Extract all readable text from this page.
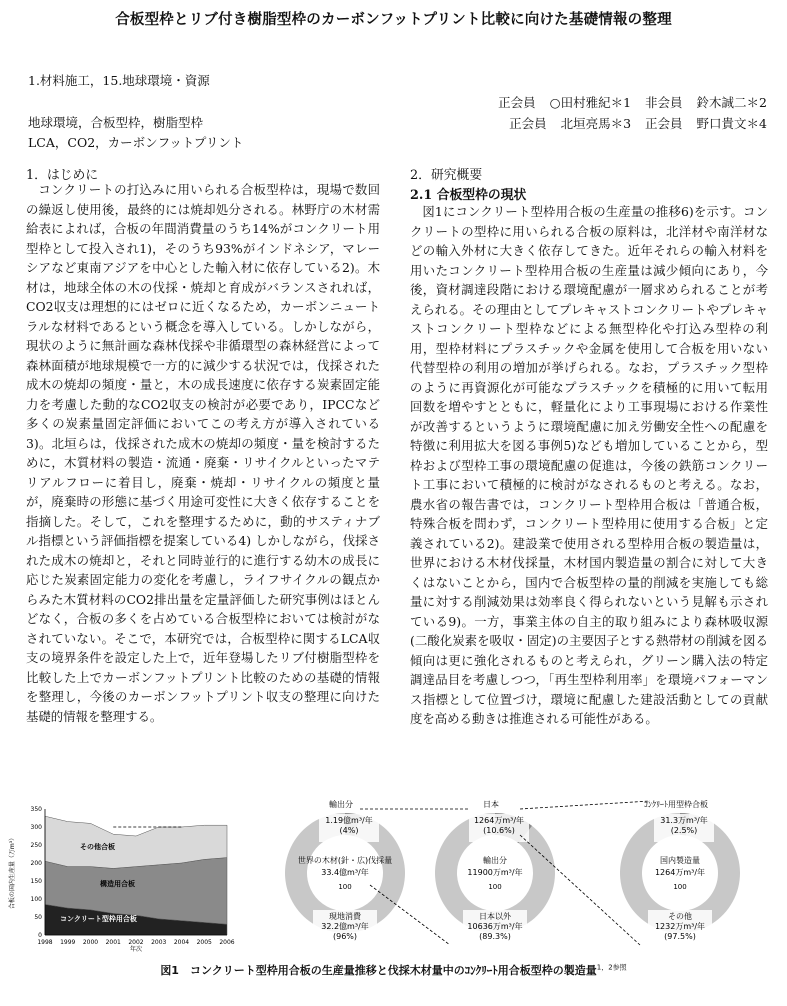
合板型枠とリブ付き樹脂型枠のカーボンフットプリント比較に向けた基礎情報の整理
1.材料施工，15.地球環境・資源
地球環境，合板型枠，樹脂型枠
LCA，CO2，カーボンフットプリント
正会員 ○田村雅紀＊1 非会員 鈴木誠二＊2
正会員 北垣亮馬＊3 正会員 野口貴文＊4
1．はじめに

コンクリートの打込みに用いられる合板型枠は，現場で数回の繰返し使用後，最終的には焼却処分される。林野庁の木材需給表によれば，合板の年間消費量のうち14%がコンクリート用型枠として投入され1)，そのうち93%がインドネシア，マレーシアなど東南アジアを中心とした輸入材に依存している2)。木材は，地球全体の木の伐採・焼却と育成がバランスされれば，CO2収支は理想的にはゼロに近くなるため，カーボンニュートラルな材料であるという概念を導入している。しかしながら，現状のように無計画な森林伐採や非循環型の森林経営によって森林面積が地球規模で一方的に減少する状況では，伐採された成木の焼却の頻度・量と，木の成長速度に依存する炭素固定能力を考慮した動的なCO2収支の検討が必要であり，IPCCなど多くの炭素量固定評価においてこの考え方が導入されている3)。北垣らは，伐採された成木の焼却の頻度・量を検討するために，木質材料の製造・流通・廃棄・リサイクルといったマテリアルフローに着目し，廃棄・焼却・リサイクルの頻度と量が，廃棄時の形態に基づく用途可変性に大きく依存することを指摘した。そして，これを整理するために，動的サスティナブル指標という評価指標を提案している4) しかしながら，伐採された成木の焼却と，それと同時並行的に進行する幼木の成長に応じた炭素固定能力の変化を考慮し，ライフサイクルの観点からみた木質材料のCO2排出量を定量評価した研究事例はほとんどなく，合板の多くを占めている合板型枠においては検討がなされていない。そこで，本研究では，合板型枠に関するLCA収支の境界条件を設定した上で，近年登場したリブ付樹脂型枠を比較した上でカーボンフットプリント比較のための基礎的情報を整理し，今後のカーボンフットプリント収支の整理に向けた基礎的情報を整理する。

2．研究概要
2.1 合板型枠の現状

図1にコンクリート型枠用合板の生産量の推移6)を示す。コンクリートの型枠に用いられる合板の原料は，北洋材や南洋材などの輸入外材に大きく依存してきた。近年それらの輸入材料を用いたコンクリート型枠用合板の生産量は減少傾向にあり，今後，資材調達段階における環境配慮が一層求められることが考えられる。その理由としてプレキャストコンクリートやプレキャストコンクリート型枠などによる無型枠化や打込み型枠の利用，型枠材料にプラスチックや金属を使用して合板を用いない代替型枠の利用の増加が挙げられる。なお，プラスチック型枠のように再資源化が可能なプラスチックを積極的に用いて転用回数を増やすとともに，軽量化により工事現場における作業性が改善するというように環境配慮に加え労働安全性への配慮を特徴に利用拡大を図る事例5)なども増加していることから，型枠および型枠工事の環境配慮の促進は，今後の鉄筋コンクリート工事において積極的に検討がなされるものと考える。なお，農水省の報告書では，コンクリート型枠用合板は「普通合板，特殊合板を問わず，コンクリート型枠用に使用する合板」と定義されている2)。建設業で使用される型枠用合板の製造量は，世界における木材伐採量，木材国内製造量の割合に対して大きくはないことから，国内で合板型枠の量的削減を実施しても総量に対する削減効果は効率良く得られないという見解も示されている9)。一方，事業主体の自主的取り組みにより森林吸収源(二酸化炭素を吸収・固定)の主要因子とする熱帯材の削減を図る傾向は更に強化されるものと考えられ，グリーン購入法の特定調達品目を考慮しつつ，「再生型枠利用率」を環境パフォーマンス指標として位置づけ，環境に配慮した建設活動としての貢献度を高める動きは推進される可能性がある。

コンクリート型枠用合板
構造用合板
その他合板
0
50
100
150
200
250
300
350
1998 1999 2000 2001 2002 2003 2004 2005 2006
年次
合板の国内生産量（万m³）	世界の木材(針・広)伐採量
33.4億m³/年
100
輸出分
1.19億m³/年
(4%)
現地消費
32.2億m³/年
(96%)
輸出分
11900万m³/年
100
日本
1264万m³/年
(10.6%)
日本以外
10636万m³/年
(89.3%)
国内製造量
1264万m³/年
100
ｺﾝｸﾘｰﾄ用型枠合板
31.3万m³/年
(2.5%)
その他
1232万m³/年
(97.5%)
図1　コンクリート型枠用合板の生産量推移と伐採木材量中のｺﾝｸﾘｰﾄ用合板型枠の製造量$^{1,2参照}$
